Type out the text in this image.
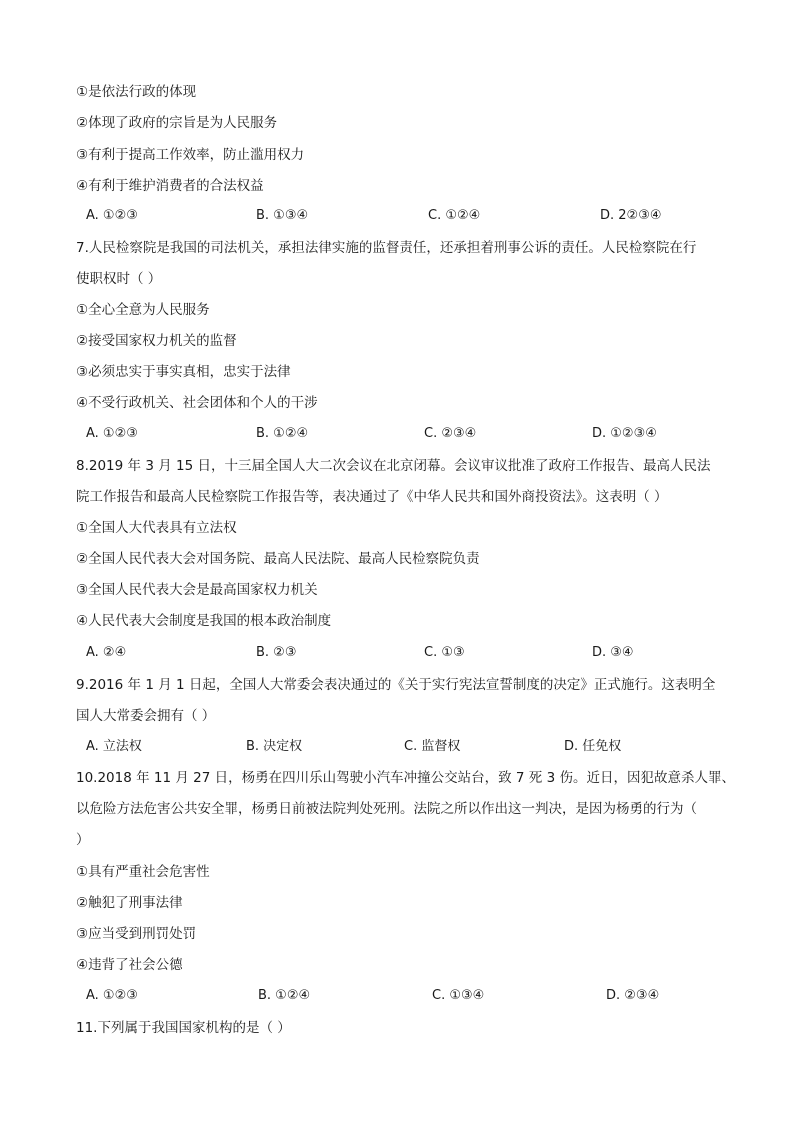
①是依法行政的体现
②体现了政府的宗旨是为人民服务
③有利于提高工作效率，防止滥用权力
④有利于维护消费者的合法权益
A. ①②③	B. ①③④	C. ①②④	D. 2②③④
7.人民检察院是我国的司法机关，承担法律实施的监督责任，还承担着刑事公诉的责任。人民检察院在行
使职权时（ ）
①全心全意为人民服务
②接受国家权力机关的监督
③必须忠实于事实真相，忠实于法律
④不受行政机关、社会团体和个人的干涉
A. ①②③	B. ①②④	C. ②③④	D. ①②③④
8.2019 年 3 月 15 日，十三届全国人大二次会议在北京闭幕。会议审议批准了政府工作报告、最高人民法
院工作报告和最高人民检察院工作报告等，表决通过了《中华人民共和国外商投资法》。这表明（ ）
①全国人大代表具有立法权
②全国人民代表大会对国务院、最高人民法院、最高人民检察院负责
③全国人民代表大会是最高国家权力机关
④人民代表大会制度是我国的根本政治制度
A. ②④	B. ②③	C. ①③	D. ③④
9.2016 年 1 月 1 日起，全国人大常委会表决通过的《关于实行宪法宣誓制度的决定》正式施行。这表明全
国人大常委会拥有（ ）
A. 立法权	B. 决定权	C. 监督权	D. 任免权
10.2018 年 11 月 27 日，杨勇在四川乐山驾驶小汽车冲撞公交站台，致 7 死 3 伤。近日，因犯故意杀人罪、
以危险方法危害公共安全罪，杨勇日前被法院判处死刑。法院之所以作出这一判决，是因为杨勇的行为（
）
①具有严重社会危害性
②触犯了刑事法律
③应当受到刑罚处罚
④违背了社会公德
A. ①②③	B. ①②④	C. ①③④	D. ②③④
11.下列属于我国国家机构的是（ ）
